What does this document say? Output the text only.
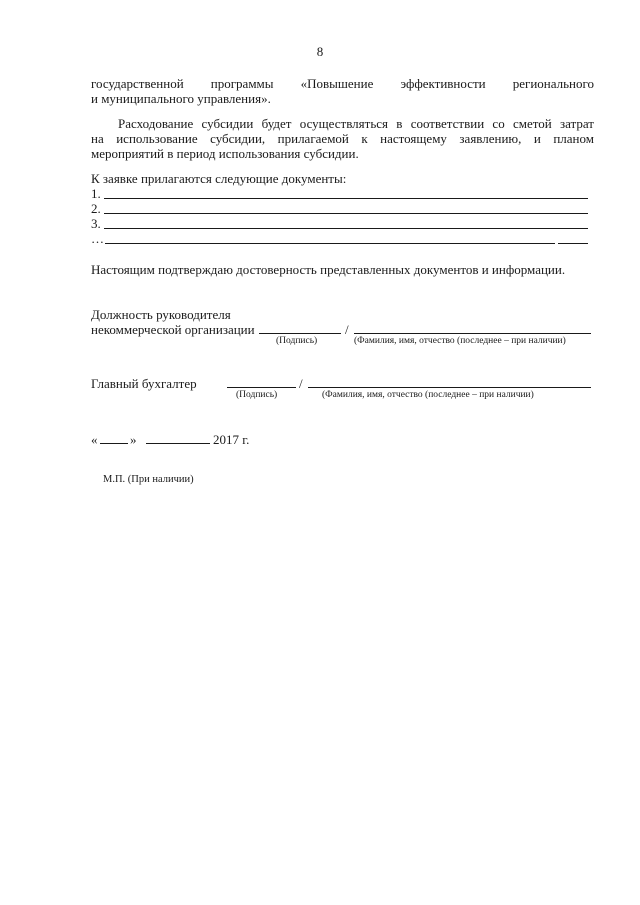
8
государственной программы «Повышение эффективности регионального
и муниципального управления».
Расходование субсидии будет осуществляться в соответствии со сметой затрат
на использование субсидии, прилагаемой к настоящему заявлению, и планом
мероприятий в период использования субсидии.
К заявке прилагаются следующие документы:
1.
2.
3.
…
Настоящим подтверждаю достоверность представленных документов и информации.
Должность руководителя
некоммерческой организации	/
(Подпись)	(Фамилия, имя, отчество (последнее – при наличии)
Главный бухгалтер	/
(Подпись)	(Фамилия, имя, отчество (последнее – при наличии)
«	»	2017 г.
М.П. (При наличии)
